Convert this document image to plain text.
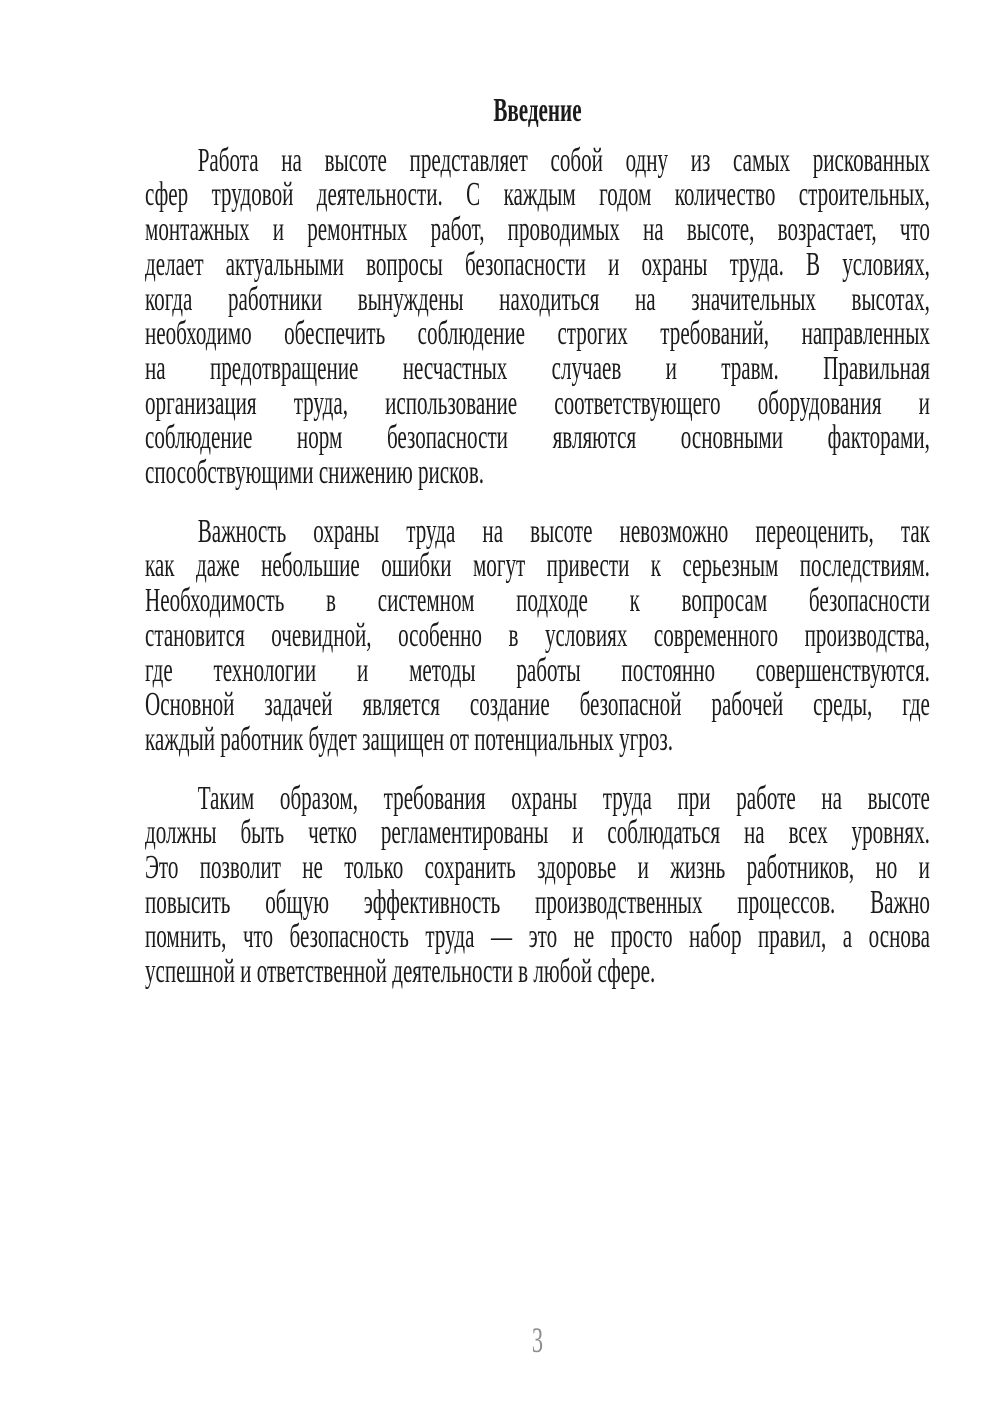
Введение
Работа на высоте представляет собой одну из самых рискованных
сфер трудовой деятельности. С каждым годом количество строительных,
монтажных и ремонтных работ, проводимых на высоте, возрастает, что
делает актуальными вопросы безопасности и охраны труда. В условиях,
когда работники вынуждены находиться на значительных высотах,
необходимо обеспечить соблюдение строгих требований, направленных
на предотвращение несчастных случаев и травм. Правильная
организация труда, использование соответствующего оборудования и
соблюдение норм безопасности являются основными факторами,
способствующими снижению рисков.
Важность охраны труда на высоте невозможно переоценить, так
как даже небольшие ошибки могут привести к серьезным последствиям.
Необходимость в системном подходе к вопросам безопасности
становится очевидной, особенно в условиях современного производства,
где технологии и методы работы постоянно совершенствуются.
Основной задачей является создание безопасной рабочей среды, где
каждый работник будет защищен от потенциальных угроз.
Таким образом, требования охраны труда при работе на высоте
должны быть четко регламентированы и соблюдаться на всех уровнях.
Это позволит не только сохранить здоровье и жизнь работников, но и
повысить общую эффективность производственных процессов. Важно
помнить, что безопасность труда — это не просто набор правил, а основа
успешной и ответственной деятельности в любой сфере.
3
